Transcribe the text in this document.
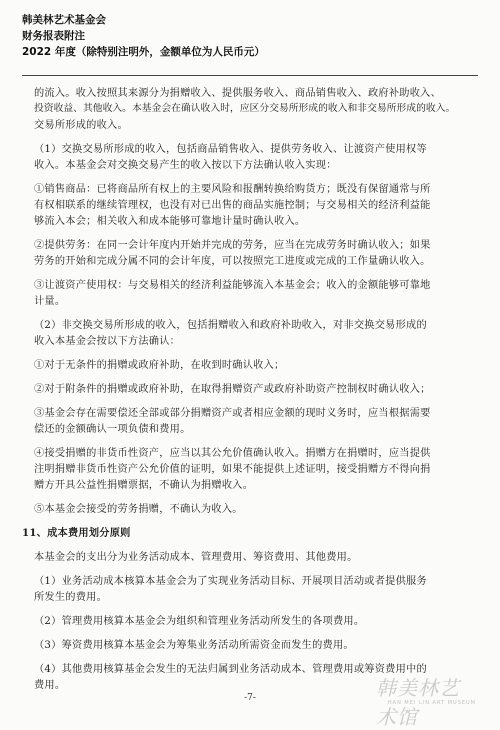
韩美林艺术基金会
财务报表附注
2022 年度（除特别注明外，金额单位为人民币元）
的流入。收入按照其来源分为捐赠收入、提供服务收入、商品销售收入、政府补助收入、
投资收益、其他收入。本基金会在确认收入时，应区分交易所形成的收入和非交易所形成的收入。
交易所形成的收入。
（1）交换交易所形成的收入，包括商品销售收入、提供劳务收入、让渡资产使用权等
收入。本基金会对交换交易产生的收入按以下方法确认收入实现：
①销售商品：已将商品所有权上的主要风险和报酬转换给购货方；既没有保留通常与所
有权相联系的继续管理权，也没有对已出售的商品实施控制；与交易相关的经济利益能
够流入本会；相关收入和成本能够可靠地计量时确认收入。
②提供劳务：在同一会计年度内开始并完成的劳务，应当在完成劳务时确认收入；如果
劳务的开始和完成分属不同的会计年度，可以按照完工进度或完成的工作量确认收入。
③让渡资产使用权：与交易相关的经济利益能够流入本基金会；收入的金额能够可靠地
计量。
（2）非交换交易所形成的收入，包括捐赠收入和政府补助收入，对非交换交易形成的
收入本基金会按以下方法确认：
①对于无条件的捐赠或政府补助，在收到时确认收入；
②对于附条件的捐赠或政府补助，在取得捐赠资产或政府补助资产控制权时确认收入；
③基金会存在需要偿还全部或部分捐赠资产或者相应金额的现时义务时，应当根据需要
偿还的金额确认一项负债和费用。
④接受捐赠的非货币性资产，应当以其公允价值确认收入。捐赠方在捐赠时，应当提供
注明捐赠非货币性资产公允价值的证明，如果不能提供上述证明，接受捐赠方不得向捐
赠方开具公益性捐赠票据，不确认为捐赠收入。
⑤本基金会接受的劳务捐赠，不确认为收入。
11、成本费用划分原则
本基金会的支出分为业务活动成本、管理费用、筹资费用、其他费用。
（1）业务活动成本核算本基金会为了实现业务活动目标、开展项目活动或者提供服务
所发生的费用。
（2）管理费用核算本基金会为组织和管理业务活动所发生的各项费用。
（3）筹资费用核算本基金会为筹集业务活动所需资金而发生的费用。
（4）其他费用核算基金会发生的无法归属到业务活动成本、管理费用或筹资费用中的
费用。
-7-	韩美林艺术馆
HAN MEI LIN ART MUSEUM
